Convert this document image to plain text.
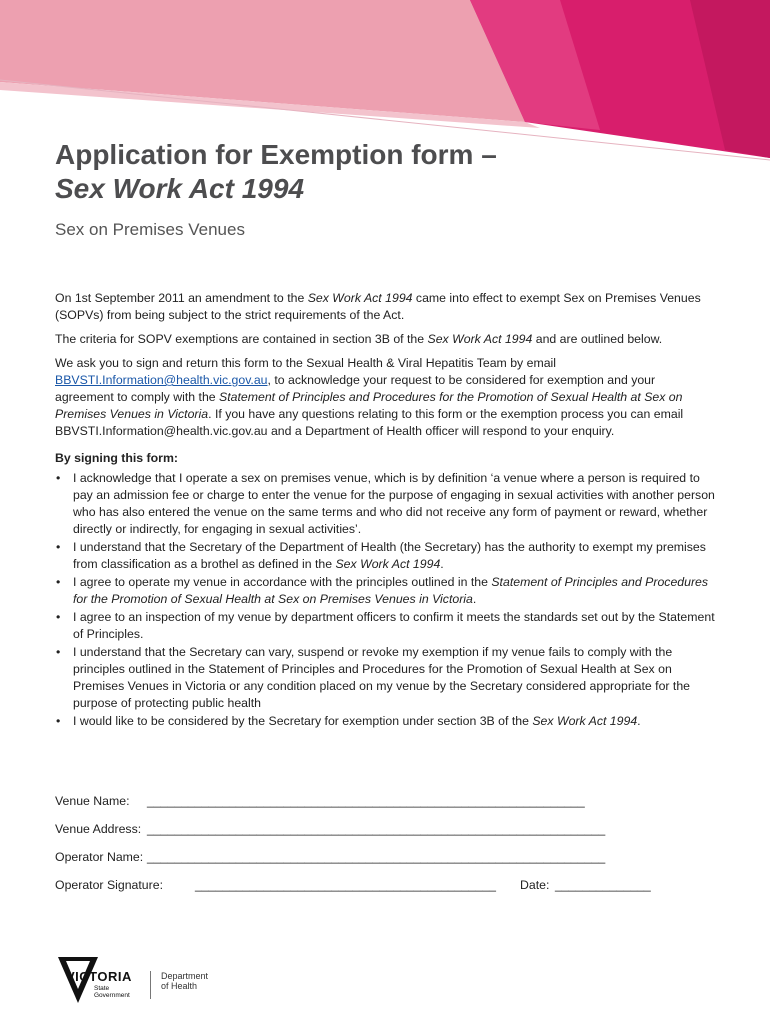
Application for Exemption form –
Sex Work Act 1994
Sex on Premises Venues

On 1st September 2011 an amendment to the Sex Work Act 1994 came into effect to exempt Sex on Premises Venues (SOPVs) from being subject to the strict requirements of the Act.

The criteria for SOPV exemptions are contained in section 3B of the Sex Work Act 1994 and are outlined below.

We ask you to sign and return this form to the Sexual Health & Viral Hepatitis Team by email BBVSTI.Information@health.vic.gov.au, to acknowledge your request to be considered for exemption and your agreement to comply with the Statement of Principles and Procedures for the Promotion of Sexual Health at Sex on Premises Venues in Victoria. If you have any questions relating to this form or the exemption process you can email BBVSTI.Information@health.vic.gov.au and a Department of Health officer will respond to your enquiry.

By signing this form:
• I acknowledge that I operate a sex on premises venue, which is by definition ‘a venue where a person is required to pay an admission fee or charge to enter the venue for the purpose of engaging in sexual activities with another person who has also entered the venue on the same terms and who did not receive any form of payment or reward, whether directly or indirectly, for engaging in sexual activities’.
• I understand that the Secretary of the Department of Health (the Secretary) has the authority to exempt my premises from classification as a brothel as defined in the Sex Work Act 1994.
• I agree to operate my venue in accordance with the principles outlined in the Statement of Principles and Procedures for the Promotion of Sexual Health at Sex on Premises Venues in Victoria.
• I agree to an inspection of my venue by department officers to confirm it meets the standards set out by the Statement of Principles.
• I understand that the Secretary can vary, suspend or revoke my exemption if my venue fails to comply with the principles outlined in the Statement of Principles and Procedures for the Promotion of Sexual Health at Sex on Premises Venues in Victoria or any condition placed on my venue by the Secretary considered appropriate for the purpose of protecting public health
• I would like to be considered by the Secretary for exemption under section 3B of the Sex Work Act 1994.
Venue Name: ________________________________________________________________
Venue Address: ___________________________________________________________________
Operator Name: ___________________________________________________________________
Operator Signature:	____________________________________________ Date: ______________
VICTORIA
State
Government
Department
of Health
